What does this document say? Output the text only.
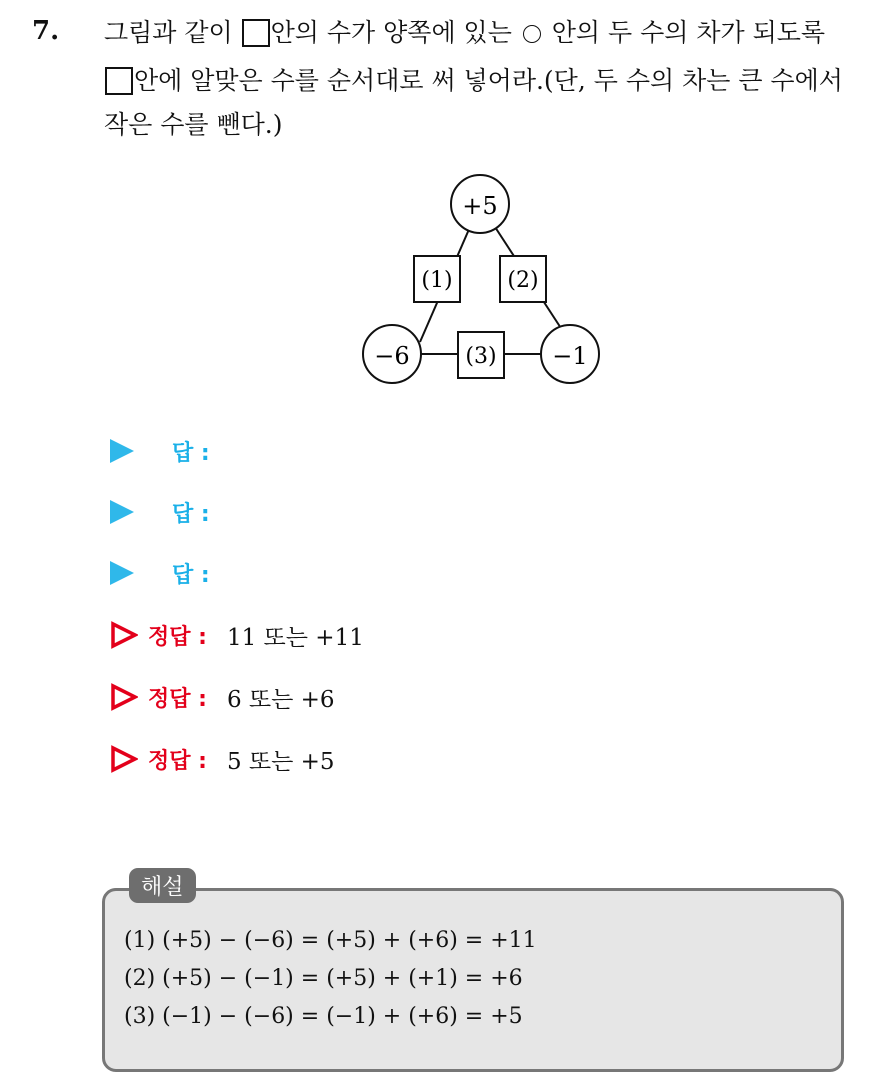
7. 그림과 같이 안의 수가 양쪽에 있는 안의 두 수의 차가 되도록
안에 알맞은 수를 순서대로 써 넣어라.(단, 두 수의 차는 큰 수에서
작은 수를 뺀다.)
+5
−6	−1
(1) (2)
(3)
답 :
답 :
답 :
정답 : 11 또는 +11
정답 : 6 또는 +6
정답 : 5 또는 +5
해설
(1) (+5) − (−6) = (+5) + (+6) = +11
(2) (+5) − (−1) = (+5) + (+1) = +6
(3) (−1) − (−6) = (−1) + (+6) = +5
